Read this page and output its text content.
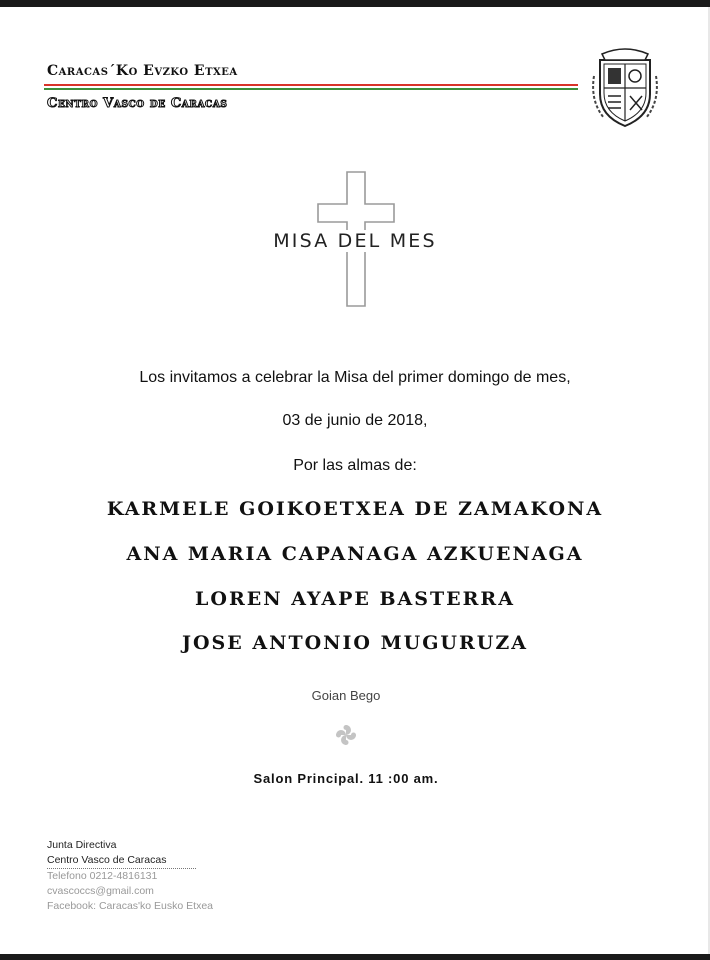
Caracas´Ko Evzko Etxea
Centro Vasco de Caracas
MISA DEL MES
Los invitamos a celebrar la Misa del primer domingo de mes,
03 de junio de 2018,
Por las almas de:
KARMELE GOIKOETXEA DE ZAMAKONA
ANA MARIA CAPANAGA AZKUENAGA
LOREN AYAPE BASTERRA
JOSE ANTONIO MUGURUZA
Goian Bego
Salon Principal. 11 :00 am.
Junta Directiva
Centro Vasco de Caracas
Telefono 0212-4816131
cvascoccs@gmail.com
Facebook: Caracas'ko Eusko Etxea
